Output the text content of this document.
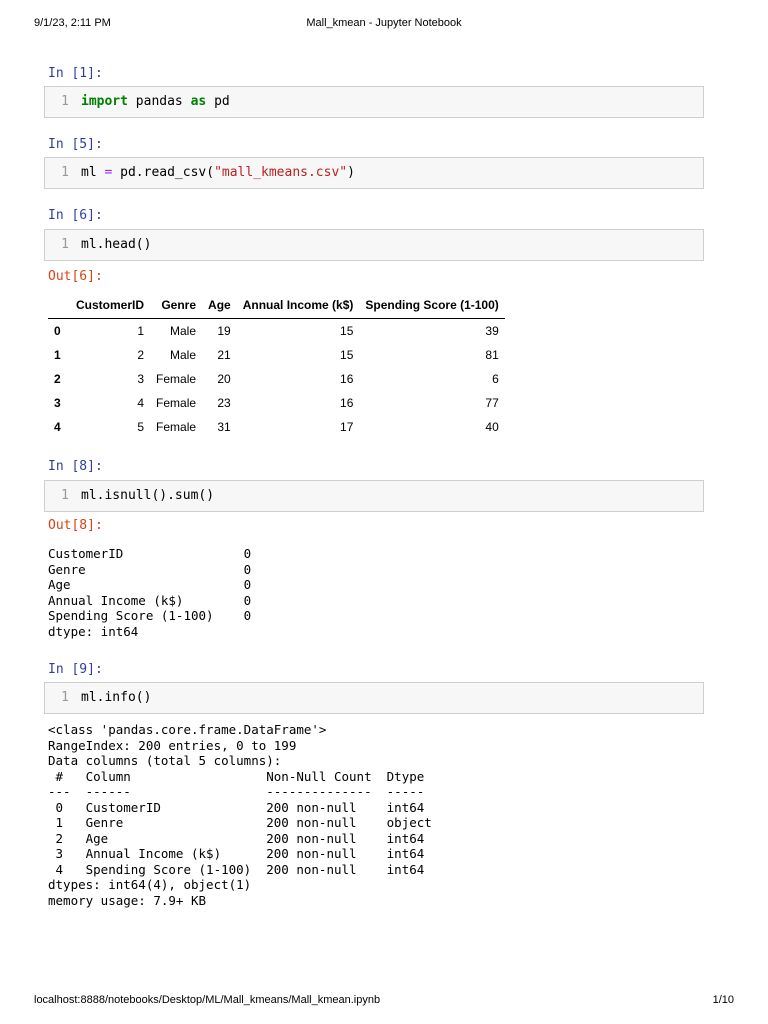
9/1/23, 2:11 PM	Mall_kmean - Jupyter Notebook
In [1]:
1 import pandas as pd
In [5]:
1 ml = pd.read_csv("mall_kmeans.csv")
In [6]:
1 ml.head()
Out[6]:
	CustomerID	Genre	Age	Annual Income (k$)	Spending Score (1-100)
0	1	Male	19	15	39
1	2	Male	21	15	81
2	3	Female	20	16	6
3	4	Female	23	16	77
4	5	Female	31	17	40
In [8]:
1 ml.isnull().sum()
Out[8]:
CustomerID                0
Genre                     0
Age                       0
Annual Income (k$)        0
Spending Score (1-100)    0
dtype: int64
In [9]:
1 ml.info()
<class 'pandas.core.frame.DataFrame'>
RangeIndex: 200 entries, 0 to 199
Data columns (total 5 columns):
#   Column                  Non-Null Count  Dtype
---  ------                  --------------  -----
0   CustomerID              200 non-null    int64
1   Genre                   200 non-null    object
2   Age                     200 non-null    int64
3   Annual Income (k$)      200 non-null    int64
4   Spending Score (1-100)  200 non-null    int64
dtypes: int64(4), object(1)
memory usage: 7.9+ KB
localhost:8888/notebooks/Desktop/ML/Mall_kmeans/Mall_kmean.ipynb	1/10
